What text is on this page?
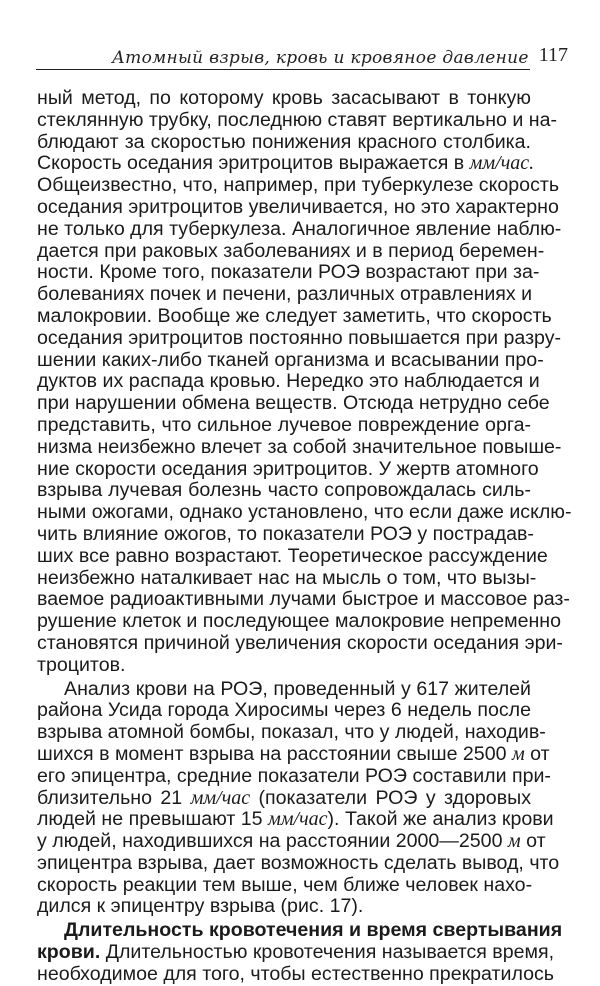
Атомный взрыв, кровь и кровяное давление 117
ный метод, по которому кровь засасывают в тонкую
стеклянную трубку, последнюю ставят вертикально и на-
блюдают за скоростью понижения красного столбика.
Скорость оседания эритроцитов выражается в мм/час.
Общеизвестно, что, например, при туберкулезе скорость
оседания эритроцитов увеличивается, но это характерно
не только для туберкулеза. Аналогичное явление наблю-
дается при раковых заболеваниях и в период беремен-
ности. Кроме того, показатели РОЭ возрастают при за-
болеваниях почек и печени, различных отравлениях и
малокровии. Вообще же следует заметить, что скорость
оседания эритроцитов постоянно повышается при разру-
шении каких-либо тканей организма и всасывании про-
дуктов их распада кровью. Нередко это наблюдается и
при нарушении обмена веществ. Отсюда нетрудно себе
представить, что сильное лучевое повреждение орга-
низма неизбежно влечет за собой значительное повыше-
ние скорости оседания эритроцитов. У жертв атомного
взрыва лучевая болезнь часто сопровождалась силь-
ными ожогами, однако установлено, что если даже исклю-
чить влияние ожогов, то показатели РОЭ у пострадав-
ших все равно возрастают. Теоретическое рассуждение
неизбежно наталкивает нас на мысль о том, что вызы-
ваемое радиоактивными лучами быстрое и массовое раз-
рушение клеток и последующее малокровие непременно
становятся причиной увеличения скорости оседания эри-
троцитов.
Анализ крови на РОЭ, проведенный у 617 жителей
района Усида города Хиросимы через 6 недель после
взрыва атомной бомбы, показал, что у людей, находив-
шихся в момент взрыва на расстоянии свыше 2500 м от
его эпицентра, средние показатели РОЭ составили при-
близительно 21 мм/час (показатели РОЭ у здоровых
людей не превышают 15 мм/час). Такой же анализ крови
у людей, находившихся на расстоянии 2000—2500 м от
эпицентра взрыва, дает возможность сделать вывод, что
скорость реакции тем выше, чем ближе человек нахо-
дился к эпицентру взрыва (рис. 17).
Длительность кровотечения и время свертывания
крови. Длительностью кровотечения называется время,
необходимое для того, чтобы естественно прекратилось
